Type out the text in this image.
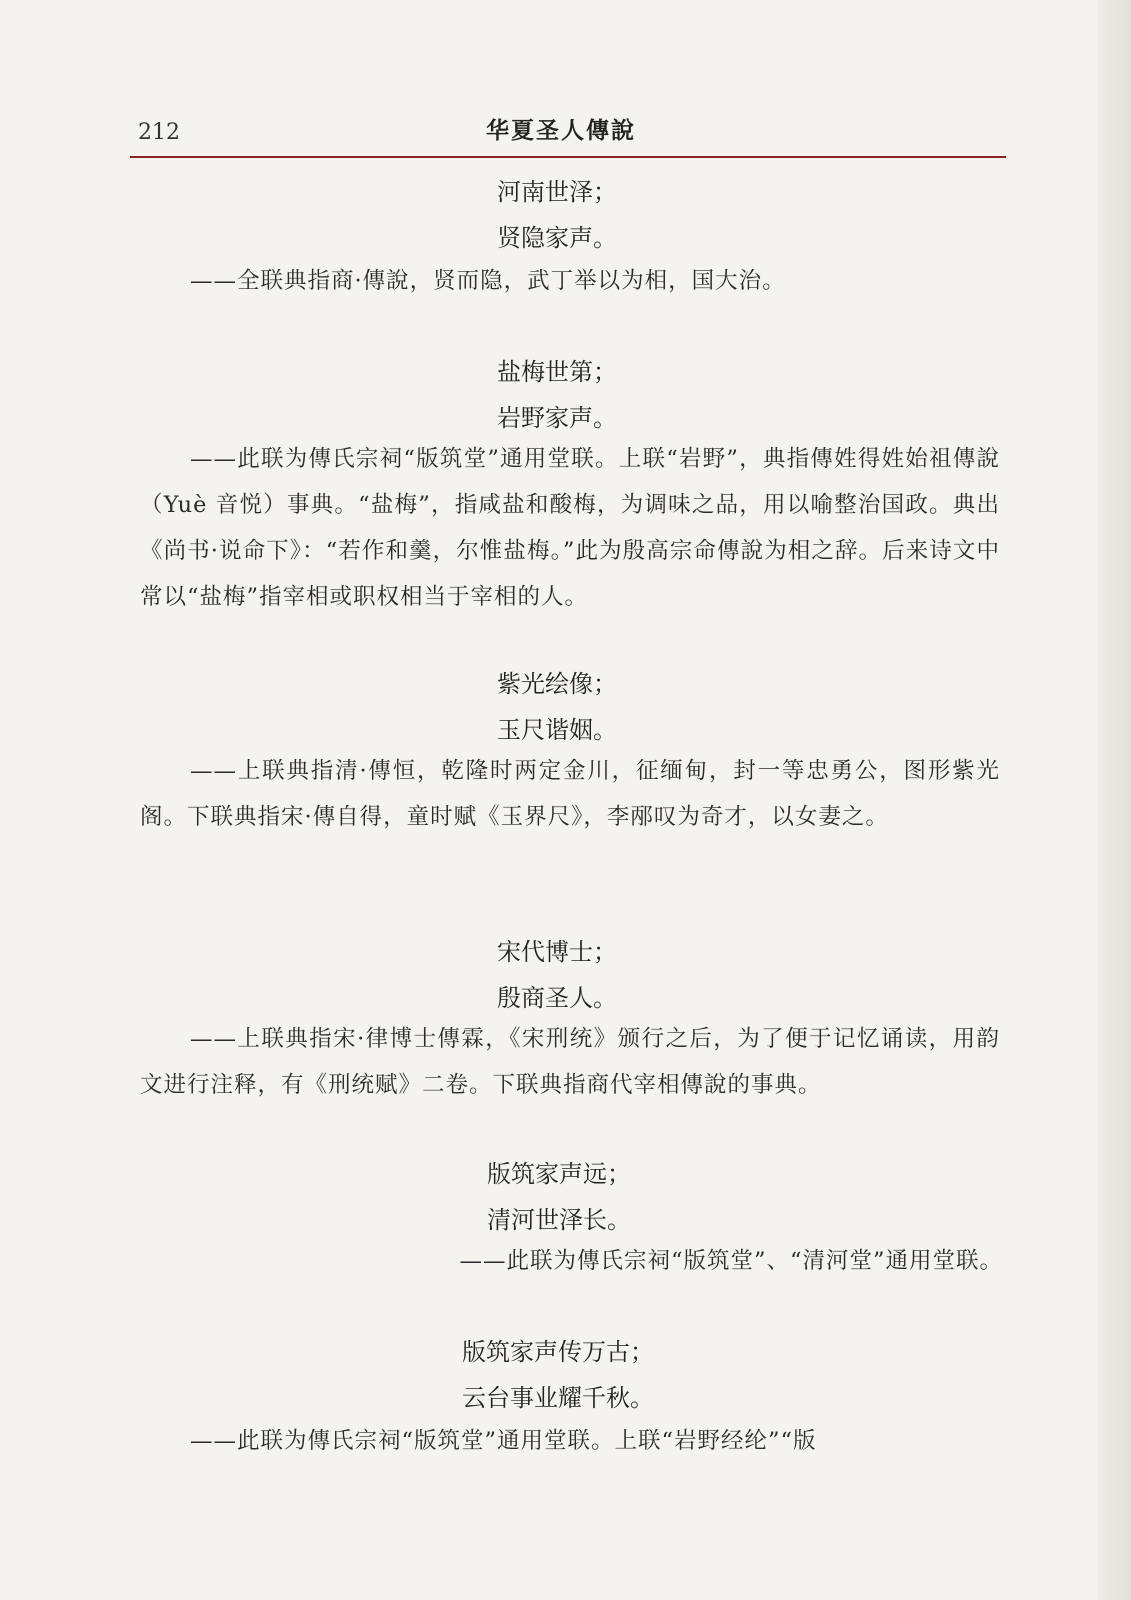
212	华夏圣人傳說
河南世泽；
贤隐家声。
——全联典指商·傳說，贤而隐，武丁举以为相，国大治。
盐梅世第；
岩野家声。
——此联为傳氏宗祠“版筑堂”通用堂联。上联“岩野”，典指傳姓得姓始祖傳說（Yuè 音悦）事典。“盐梅”，指咸盐和酸梅，为调味之品，用以喻整治国政。典出《尚书·说命下》：“若作和羹，尔惟盐梅。”此为殷高宗命傳說为相之辞。后来诗文中常以“盐梅”指宰相或职权相当于宰相的人。
紫光绘像；
玉尺谐姻。
——上联典指清·傳恒，乾隆时两定金川，征缅甸，封一等忠勇公，图形紫光阁。下联典指宋·傳自得，童时赋《玉界尺》，李邴叹为奇才，以女妻之。
宋代博士；
殷商圣人。
——上联典指宋·律博士傳霖，《宋刑统》颁行之后，为了便于记忆诵读，用韵文进行注释，有《刑统赋》二卷。下联典指商代宰相傳說的事典。
版筑家声远；
清河世泽长。
——此联为傳氏宗祠“版筑堂”、“清河堂”通用堂联。
版筑家声传万古；
云台事业耀千秋。
——此联为傳氏宗祠“版筑堂”通用堂联。上联“岩野经纶”“版
